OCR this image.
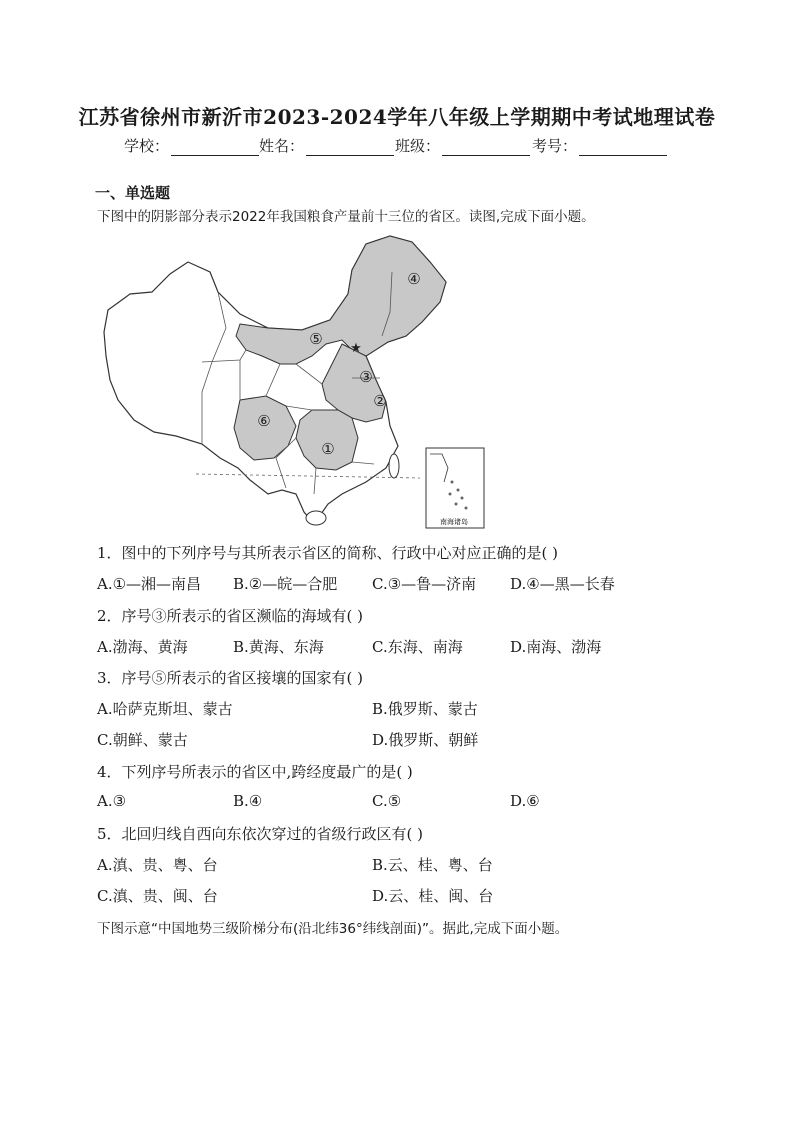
江苏省徐州市新沂市2023-2024学年八年级上学期期中考试地理试卷
学校：	姓名：	班级：	考号：
一、单选题
下图中的阴影部分表示2022年我国粮食产量前十三位的省区。读图,完成下面小题。
南海诸岛
①
②
③
④
⑤
⑥
★
1．图中的下列序号与其所表示省区的简称、行政中心对应正确的是( )
A.①—湘—南昌 B.②—皖—合肥 C.③—鲁—济南 D.④—黑—长春
2．序号③所表示的省区濒临的海域有( )
A.渤海、黄海	B.黄海、东海	C.东海、南海	D.南海、渤海
3．序号⑤所表示的省区接壤的国家有( )
A.哈萨克斯坦、蒙古	B.俄罗斯、蒙古
C.朝鲜、蒙古	D.俄罗斯、朝鲜
4．下列序号所表示的省区中,跨经度最广的是( )
A.③	B.④	C.⑤	D.⑥
5．北回归线自西向东依次穿过的省级行政区有( )
A.滇、贵、粤、台	B.云、桂、粤、台
C.滇、贵、闽、台	D.云、桂、闽、台
下图示意“中国地势三级阶梯分布(沿北纬36°纬线剖面)”。据此,完成下面小题。
